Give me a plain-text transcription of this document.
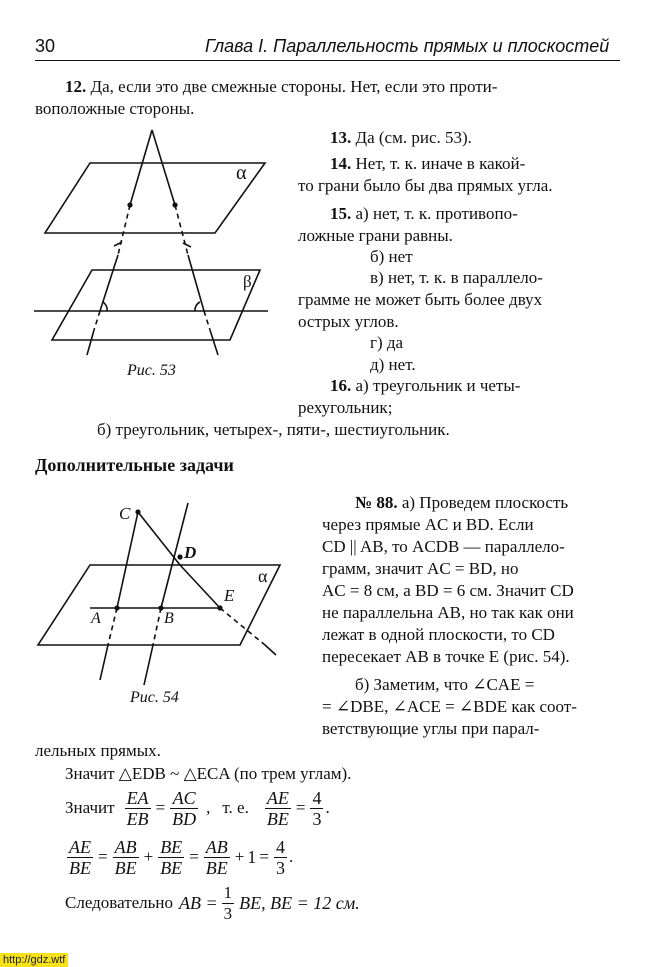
30	Глава I. Параллельность прямых и плоскостей
12. Да, если это две смежные стороны. Нет, если это проти-
воположные стороны.
α
β
Рис. 53
13. Да (см. рис. 53).
14. Нет, т. к. иначе в какой-
то грани было бы два прямых угла.
15. а) нет, т. к. противопо-
ложные грани равны.
б) нет
в) нет, т. к. в параллело-
грамме не может быть более двух
острых углов.
г) да
д) нет.
16. а) треугольник и четы-
рехугольник;
б) треугольник, четырех-, пяти-, шестиугольник.
Дополнительные задачи
C
D
E
A	B
α
Рис. 54
№ 88. а) Проведем плоскость
через прямые AC и BD. Если
CD || AB, то ACDB — параллело-
грамм, значит AC = BD, но
AC = 8 см, а BD = 6 см. Значит CD
не параллельна AB, но так как они
лежат в одной плоскости, то CD
пересекает AB в точке E (рис. 54).
б) Заметим, что ∠CAE =
= ∠DBE, ∠ACE = ∠BDE как соот-
ветствующие углы при парал-
лельных прямых.
Значит △EDB ~ △ECA (по трем углам).
Значит $\frac{EA}{EB} = \frac{AC}{BD}$ , т. е. $\frac{AE}{BE} = \frac{4}{3}$ .
$\frac{AE}{BE} = \frac{AB}{BE} + \frac{BE}{BE} = \frac{AB}{BE} + 1 = \frac{4}{3}$ .
Следовательно AB = $\frac{1}{3}$ BE, BE = 12 см.
http://gdz.wtf
